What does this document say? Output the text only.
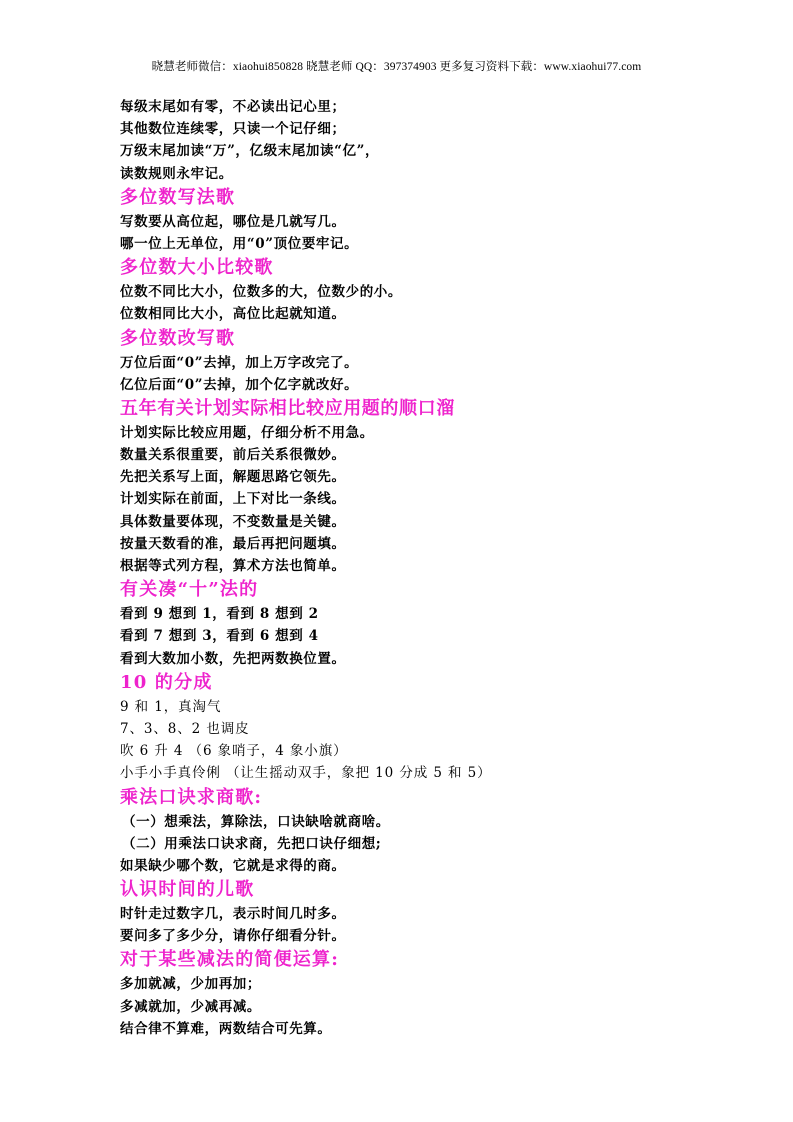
晓慧老师微信：xiaohui850828 晓慧老师 QQ：397374903 更多复习资料下载：www.xiaohui77.com
每级末尾如有零，不必读出记心里；
其他数位连续零，只读一个记仔细；
万级末尾加读“万”，亿级末尾加读“亿”，
读数规则永牢记。
多位数写法歌
写数要从高位起，哪位是几就写几。
哪一位上无单位，用“0”顶位要牢记。
多位数大小比较歌
位数不同比大小，位数多的大，位数少的小。
位数相同比大小，高位比起就知道。
多位数改写歌
万位后面“0”去掉，加上万字改完了。
亿位后面“0”去掉，加个亿字就改好。
五年有关计划实际相比较应用题的顺口溜
计划实际比较应用题，仔细分析不用急。
数量关系很重要，前后关系很微妙。
先把关系写上面，解题思路它领先。
计划实际在前面，上下对比一条线。
具体数量要体现，不变数量是关键。
按量天数看的准，最后再把问题填。
根据等式列方程，算术方法也简单。
有关凑“十”法的
看到 9 想到 1，看到 8 想到 2
看到 7 想到 3，看到 6 想到 4
看到大数加小数，先把两数换位置。
10 的分成
9 和 1，真淘气
7、3、8、2 也调皮
吹 6 升 4 （6 象哨子，4 象小旗）
小手小手真伶俐 （让生摇动双手，象把 10 分成 5 和 5）
乘法口诀求商歌:
（一）想乘法，算除法，口诀缺啥就商啥。
（二）用乘法口诀求商，先把口诀仔细想;
如果缺少哪个数，它就是求得的商。
认识时间的儿歌
时针走过数字几，表示时间几时多。
要问多了多少分，请你仔细看分针。
对于某些减法的简便运算:
多加就减，少加再加；
多减就加，少减再减。
结合律不算难，两数结合可先算。
